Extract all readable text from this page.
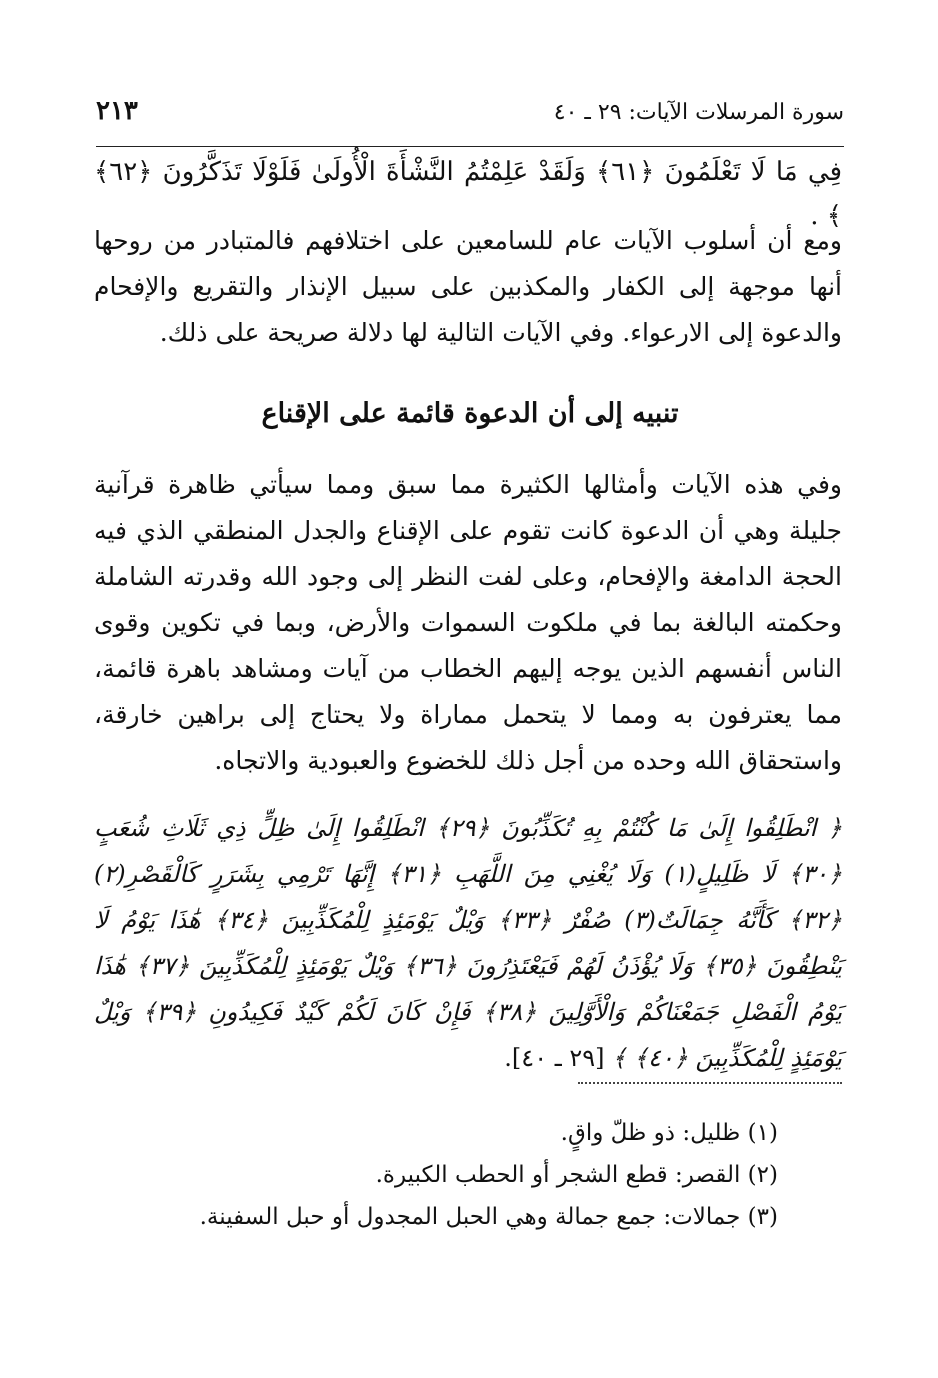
٢١٣	سورة المرسلات الآيات: ٢٩ ـ ٤٠
فِي مَا لَا تَعْلَمُونَ ﴿٦١﴾ وَلَقَدْ عَلِمْتُمُ النَّشْأَةَ الْأُولَىٰ فَلَوْلَا تَذَكَّرُونَ ﴿٦٢﴾ ﴾ .

ومع أن أسلوب الآيات عام للسامعين على اختلافهم فالمتبادر من روحها أنها موجهة إلى الكفار والمكذبين على سبيل الإنذار والتقريع والإفحام والدعوة إلى الارعواء. وفي الآيات التالية لها دلالة صريحة على ذلك.

تنبيه إلى أن الدعوة قائمة على الإقناع

وفي هذه الآيات وأمثالها الكثيرة مما سبق ومما سيأتي ظاهرة قرآنية جليلة وهي أن الدعوة كانت تقوم على الإقناع والجدل المنطقي الذي فيه الحجة الدامغة والإفحام، وعلى لفت النظر إلى وجود الله وقدرته الشاملة وحكمته البالغة بما في ملكوت السموات والأرض، وبما في تكوين وقوى الناس أنفسهم الذين يوجه إليهم الخطاب من آيات ومشاهد باهرة قائمة، مما يعترفون به ومما لا يتحمل مماراة ولا يحتاج إلى براهين خارقة، واستحقاق الله وحده من أجل ذلك للخضوع والعبودية والاتجاه.

﴿ انْطَلِقُوا إِلَىٰ مَا كُنْتُمْ بِهِ تُكَذِّبُونَ ﴿٢٩﴾ انْطَلِقُوا إِلَىٰ ظِلٍّ ذِي ثَلَاثِ شُعَبٍ ﴿٣٠﴾ لَا ظَلِيلٍ(١) وَلَا يُغْنِي مِنَ اللَّهَبِ ﴿٣١﴾ إِنَّهَا تَرْمِي بِشَرَرٍ كَالْقَصْرِ(٢) ﴿٣٢﴾ كَأَنَّهُ جِمَالَتٌ(٣) صُفْرٌ ﴿٣٣﴾ وَيْلٌ يَوْمَئِذٍ لِلْمُكَذِّبِينَ ﴿٣٤﴾ هَٰذَا يَوْمُ لَا يَنْطِقُونَ ﴿٣٥﴾ وَلَا يُؤْذَنُ لَهُمْ فَيَعْتَذِرُونَ ﴿٣٦﴾ وَيْلٌ يَوْمَئِذٍ لِلْمُكَذِّبِينَ ﴿٣٧﴾ هَٰذَا يَوْمُ الْفَصْلِ جَمَعْنَاكُمْ وَالْأَوَّلِينَ ﴿٣٨﴾ فَإِنْ كَانَ لَكُمْ كَيْدٌ فَكِيدُونِ ﴿٣٩﴾ وَيْلٌ يَوْمَئِذٍ لِلْمُكَذِّبِينَ ﴿٤٠﴾ ﴾ [٢٩ ـ ٤٠].
(١) ظليل: ذو ظلّ واقٍ.
(٢) القصر: قطع الشجر أو الحطب الكبيرة.
(٣) جمالات: جمع جمالة وهي الحبل المجدول أو حبل السفينة.
